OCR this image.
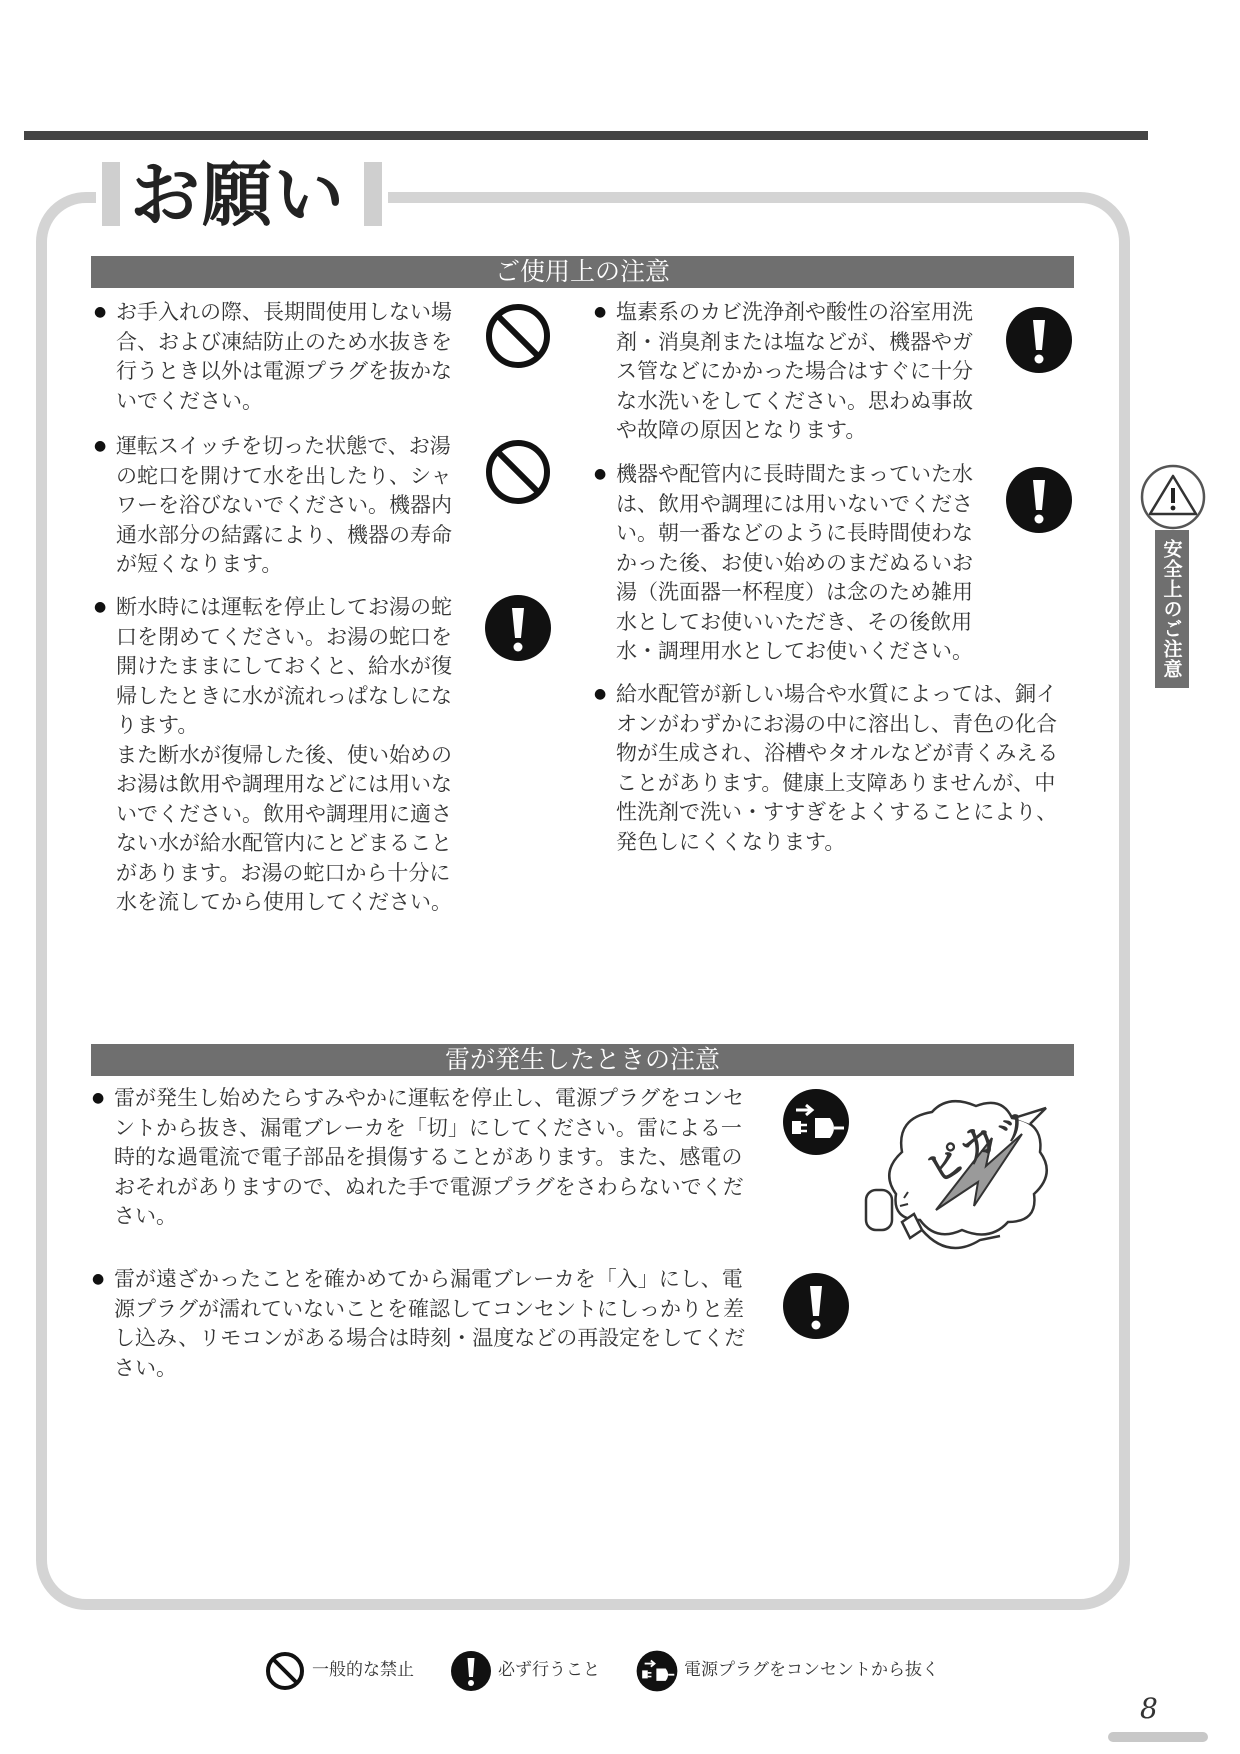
お願い
ご使用上の注意
● お手入れの際、長期間使用しない場

合、および凍結防止のため水抜きを

行うとき以外は電源プラグを抜かな

いでください。

● 運転スイッチを切った状態で、お湯

の蛇口を開けて水を出したり、シャ

ワーを浴びないでください。機器内

通水部分の結露により、機器の寿命

が短くなります。

● 断水時には運転を停止してお湯の蛇

口を閉めてください。お湯の蛇口を

開けたままにしておくと、給水が復

帰したときに水が流れっぱなしにな

ります。

また断水が復帰した後、使い始めの

お湯は飲用や調理用などには用いな

いでください。飲用や調理用に適さ

ない水が給水配管内にとどまること

があります。お湯の蛇口から十分に

水を流してから使用してください。

● 塩素系のカビ洗浄剤や酸性の浴室用洗

剤・消臭剤または塩などが、機器やガ

ス管などにかかった場合はすぐに十分

な水洗いをしてください。思わぬ事故

や故障の原因となります。

● 機器や配管内に長時間たまっていた水

は、飲用や調理には用いないでくださ

い。朝一番などのように長時間使わな

かった後、お使い始めのまだぬるいお

湯（洗面器一杯程度）は念のため雑用

水としてお使いいただき、その後飲用

水・調理用水としてお使いください。

● 給水配管が新しい場合や水質によっては、銅イ

オンがわずかにお湯の中に溶出し、青色の化合

物が生成され、浴槽やタオルなどが青くみえる

ことがあります。健康上支障ありませんが、中

性洗剤で洗い・すすぎをよくすることにより、

発色しにくくなります。

雷が発生したときの注意
● 雷が発生し始めたらすみやかに運転を停止し、電源プラグをコンセ

ントから抜き、漏電ブレーカを「切」にしてください。雷による一

時的な過電流で電子部品を損傷することがあります。また、感電の

おそれがありますので、ぬれた手で電源プラグをさわらないでくだ

さい。

ピカッ
● 雷が遠ざかったことを確かめてから漏電ブレーカを「入」にし、電

源プラグが濡れていないことを確認してコンセントにしっかりと差

し込み、リモコンがある場合は時刻・温度などの再設定をしてくだ

さい。

安全上のご注意
一般的な禁止	必ず行うこと	電源プラグをコンセントから抜く
8
